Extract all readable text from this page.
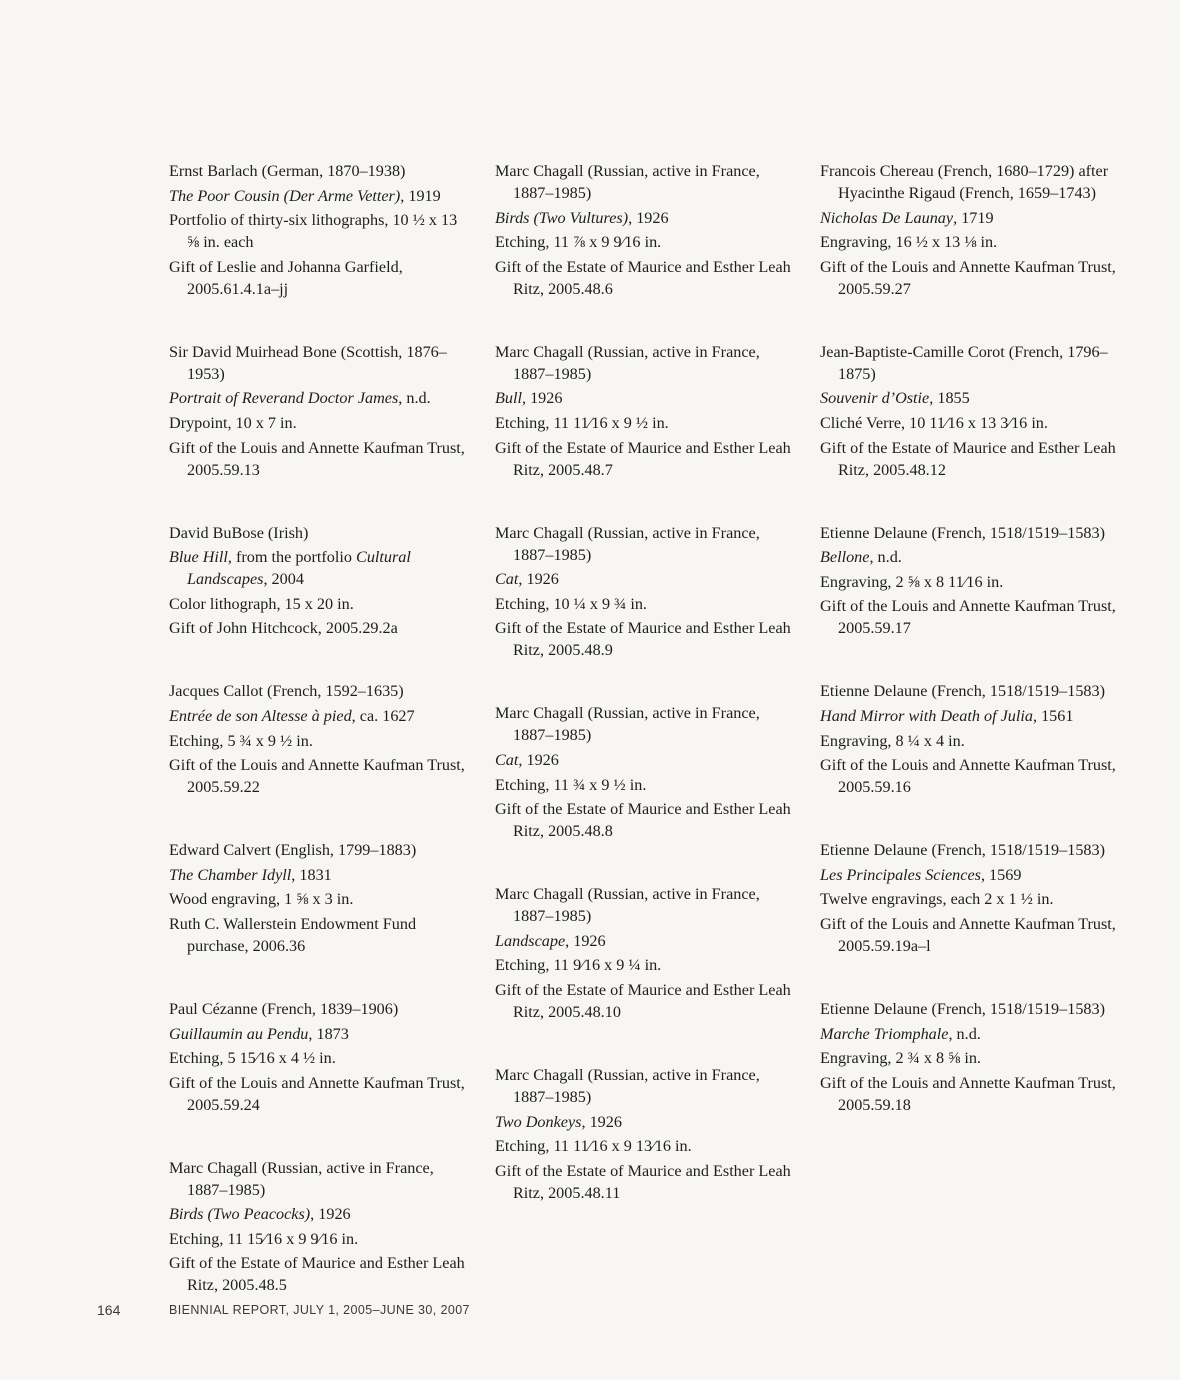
Ernst Barlach (German, 1870–1938)
The Poor Cousin (Der Arme Vetter), 1919
Portfolio of thirty-six lithographs, 10 ½ x 13 ⅝ in. each
Gift of Leslie and Johanna Garfield, 2005.61.4.1a–jj
Sir David Muirhead Bone (Scottish, 1876–1953)
Portrait of Reverand Doctor James, n.d.
Drypoint, 10 x 7 in.
Gift of the Louis and Annette Kaufman Trust, 2005.59.13
David BuBose (Irish)
Blue Hill, from the portfolio Cultural Landscapes, 2004
Color lithograph, 15 x 20 in.
Gift of John Hitchcock, 2005.29.2a
Jacques Callot (French, 1592–1635)
Entrée de son Altesse à pied, ca. 1627
Etching, 5 ¾ x 9 ½ in.
Gift of the Louis and Annette Kaufman Trust, 2005.59.22
Edward Calvert (English, 1799–1883)
The Chamber Idyll, 1831
Wood engraving, 1 ⅝ x 3 in.
Ruth C. Wallerstein Endowment Fund purchase, 2006.36
Paul Cézanne (French, 1839–1906)
Guillaumin au Pendu, 1873
Etching, 5 15⁄16 x 4 ½ in.
Gift of the Louis and Annette Kaufman Trust, 2005.59.24
Marc Chagall (Russian, active in France, 1887–1985)
Birds (Two Peacocks), 1926
Etching, 11 15⁄16 x 9 9⁄16 in.
Gift of the Estate of Maurice and Esther Leah Ritz, 2005.48.5
Marc Chagall (Russian, active in France, 1887–1985)
Birds (Two Vultures), 1926
Etching, 11 ⅞ x 9 9⁄16 in.
Gift of the Estate of Maurice and Esther Leah Ritz, 2005.48.6
Marc Chagall (Russian, active in France, 1887–1985)
Bull, 1926
Etching, 11 11⁄16 x 9 ½ in.
Gift of the Estate of Maurice and Esther Leah Ritz, 2005.48.7
Marc Chagall (Russian, active in France, 1887–1985)
Cat, 1926
Etching, 10 ¼ x 9 ¾ in.
Gift of the Estate of Maurice and Esther Leah Ritz, 2005.48.9
Marc Chagall (Russian, active in France, 1887–1985)
Cat, 1926
Etching, 11 ¾ x 9 ½ in.
Gift of the Estate of Maurice and Esther Leah Ritz, 2005.48.8
Marc Chagall (Russian, active in France, 1887–1985)
Landscape, 1926
Etching, 11 9⁄16 x 9 ¼ in.
Gift of the Estate of Maurice and Esther Leah Ritz, 2005.48.10
Marc Chagall (Russian, active in France, 1887–1985)
Two Donkeys, 1926
Etching, 11 11⁄16 x 9 13⁄16 in.
Gift of the Estate of Maurice and Esther Leah Ritz, 2005.48.11
Francois Chereau (French, 1680–1729) after Hyacinthe Rigaud (French, 1659–1743)
Nicholas De Launay, 1719
Engraving, 16 ½ x 13 ⅛ in.
Gift of the Louis and Annette Kaufman Trust, 2005.59.27
Jean-Baptiste-Camille Corot (French, 1796–1875)
Souvenir d’Ostie, 1855
Cliché Verre, 10 11⁄16 x 13 3⁄16 in.
Gift of the Estate of Maurice and Esther Leah Ritz, 2005.48.12
Etienne Delaune (French, 1518/1519–1583)
Bellone, n.d.
Engraving, 2 ⅝ x 8 11⁄16 in.
Gift of the Louis and Annette Kaufman Trust, 2005.59.17
Etienne Delaune (French, 1518/1519–1583)
Hand Mirror with Death of Julia, 1561
Engraving, 8 ¼ x 4 in.
Gift of the Louis and Annette Kaufman Trust, 2005.59.16
Etienne Delaune (French, 1518/1519–1583)
Les Principales Sciences, 1569
Twelve engravings, each 2 x 1 ½ in.
Gift of the Louis and Annette Kaufman Trust, 2005.59.19a–l
Etienne Delaune (French, 1518/1519–1583)
Marche Triomphale, n.d.
Engraving, 2 ¾ x 8 ⅝ in.
Gift of the Louis and Annette Kaufman Trust, 2005.59.18
164	BIENNIAL REPORT, JULY 1, 2005–JUNE 30, 2007
